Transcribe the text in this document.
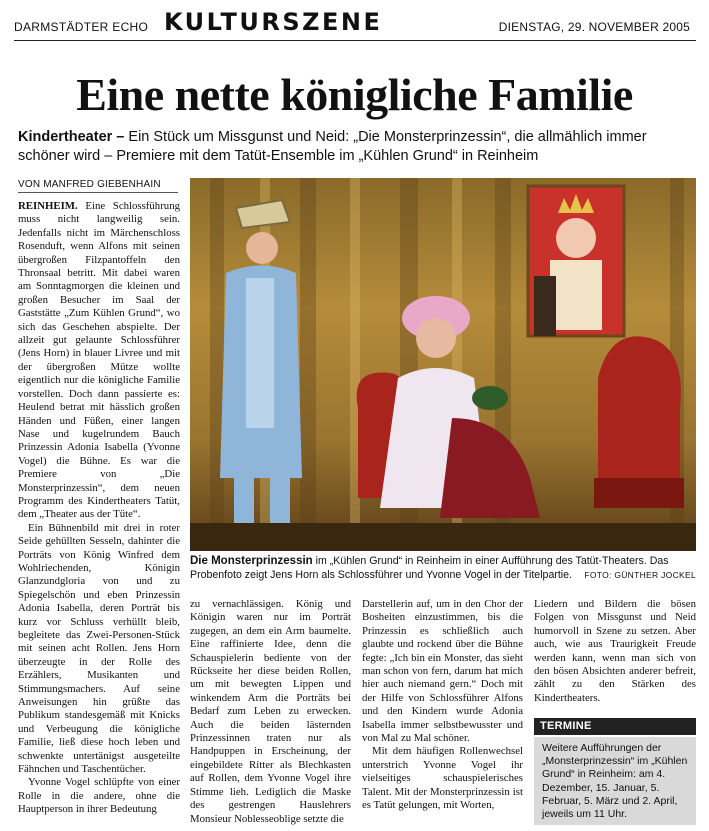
DARMSTÄDTER ECHO KULTURSZENE	DIENSTAG, 29. NOVEMBER 2005
Eine nette königliche Familie
Kindertheater – Ein Stück um Missgunst und Neid: „Die Monsterprinzessin“, die allmählich immer schöner wird – Premiere mit dem Tatüt-Ensemble im „Kühlen Grund“ in Reinheim
VON MANFRED GIEBENHAIN

REINHEIM. Eine Schlossführung muss nicht langweilig sein. Jedenfalls nicht im Märchenschloss Rosenduft, wenn Alfons mit seinen übergroßen Filzpantoffeln den Thronsaal betritt. Mit dabei waren am Sonntagmorgen die kleinen und großen Besucher im Saal der Gaststätte „Zum Kühlen Grund“, wo sich das Geschehen abspielte. Der allzeit gut gelaunte Schlossführer (Jens Horn) in blauer Livree und mit der übergroßen Mütze wollte eigentlich nur die königliche Familie vorstellen. Doch dann passierte es: Heulend betrat mit hässlich großen Händen und Füßen, einer langen Nase und kugelrundem Bauch Prinzessin Adonia Isabella (Yvonne Vogel) die Bühne. Es war die Premiere von „Die Monsterprinzessin“, dem neuen Programm des Kindertheaters Tatüt, dem „Theater aus der Tüte“.

Ein Bühnenbild mit drei in roter Seide gehüllten Sesseln, dahinter die Porträts von König Winfred dem Wohlriechenden, Königin Glanzundgloria von und zu Spiegelschön und eben Prinzessin Adonia Isabella, deren Porträt bis kurz vor Schluss verhüllt bleib, begleitete das Zwei-Personen-Stück mit seinen acht Rollen. Jens Horn überzeugte in der Rolle des Erzählers, Musikanten und Stimmungsmachers. Auf seine Anweisungen hin grüßte das Publikum standesgemäß mit Knicks und Verbeugung die königliche Familie, ließ diese hoch leben und schwenkte untertänigst ausgeteilte Fähnchen und Taschentücher.

Yvonne Vogel schlüpfte von einer Rolle in die andere, ohne die Hauptperson in ihrer Bedeutung

Die Monsterprinzessin im „Kühlen Grund“ in Reinheim in einer Aufführung des Tatüt-Theaters. Das Probenfoto zeigt Jens Horn als Schlossführer und Yvonne Vogel in der Titelpartie. FOTO: GÜNTHER JOCKEL

zu vernachlässigen. König und Königin waren nur im Porträt zugegen, an dem ein Arm baumelte. Eine raffinierte Idee, denn die Schauspielerin bediente von der Rückseite her diese beiden Rollen, um mit bewegten Lippen und winkendem Arm die Porträts bei Bedarf zum Leben zu erwecken. Auch die beiden lästernden Prinzessinnen traten nur als Handpuppen in Erscheinung, der eingebildete Ritter als Blechkasten auf Rollen, dem Yvonne Vogel ihre Stimme lieh. Lediglich die Maske des gestrengen Hauslehrers Monsieur Noblesseoblige setzte die

Darstellerin auf, um in den Chor der Bosheiten einzustimmen, bis die Prinzessin es schließlich auch glaubte und rockend über die Bühne fegte: „Ich bin ein Monster, das sieht man schon von fern, darum hat mich hier auch niemand gern.“ Doch mit der Hilfe von Schlossführer Alfons und den Kindern wurde Adonia Isabella immer selbstbewusster und von Mal zu Mal schöner.

Mit dem häufigen Rollenwechsel unterstrich Yvonne Vogel ihr vielseitiges schauspielerisches Talent. Mit der Monsterprinzessin ist es Tatüt gelungen, mit Worten,

Liedern und Bildern die bösen Folgen von Missgunst und Neid humorvoll in Szene zu setzen. Aber auch, wie aus Traurigkeit Freude werden kann, wenn man sich von den bösen Absichten anderer befreit, zählt zu den Stärken des Kindertheaters.

TERMINE
Weitere Aufführungen der „Monsterprinzessin“ im „Kühlen Grund“ in Reinheim: am 4. Dezember, 15. Januar, 5. Februar, 5. März und 2. April, jeweils um 11 Uhr.
